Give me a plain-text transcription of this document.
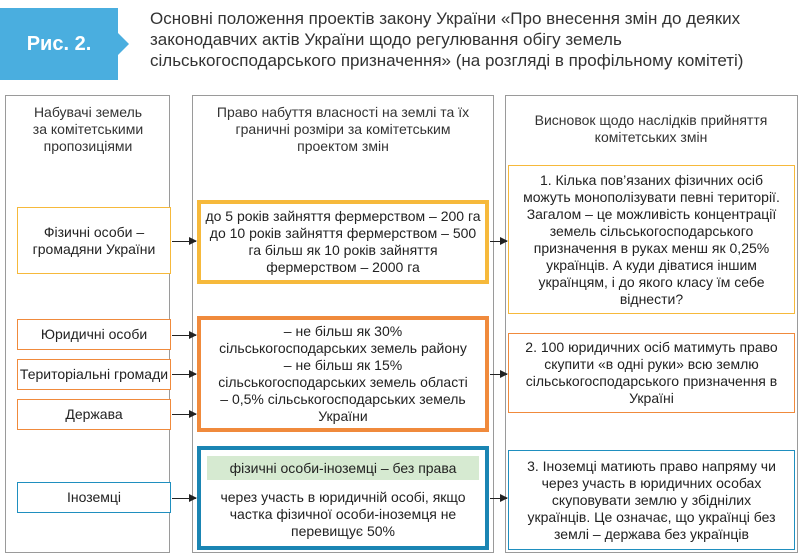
Рис. 2.
Основні положення проектів закону України «Про внесення змін до деяких законодавчих актів України щодо регулювання обігу земель сільськогосподарського призначення» (на розгляді в профільному комітеті)
Набувачі земель за комітетськими пропозиціями
Право набуття власності на землі та їх граничні розміри за комітетським проектом змін
Висновок щодо наслідків прийняття комітетських змін
Фізичні особи – громадяни України
Юридичні особи
Територіальні громади
Держава
Іноземці
до 5 років зайняття фермерством – 200 га до 10 років зайняття фермерством – 500 га більш як 10 років зайняття фермерством – 2000 га
– не більш як 30% сільськогосподарських земель району – не більш як 15% сільськогосподарських земель області – 0,5% сільськогосподарських земель України
фізичні особи-іноземці – без права
через участь в юридичній особі, якщо частка фізичної особи-іноземця не перевищує 50%
1. Кілька пов’язаних фізичних осіб можуть монополізувати певні території. Загалом – це можливість концентрації земель сільськогосподарського призначення в руках менш як 0,25% українців. А куди діватися іншим українцям, і до якого класу їм себе віднести?
2. 100 юридичних осіб матимуть право скупити «в одні руки» всю землю сільськогосподарського призначення в Україні
3. Іноземці матиють право напряму чи через участь в юридичних особах скуповувати землю у збіднілих українців. Це означає, що українці без землі – держава без українців
